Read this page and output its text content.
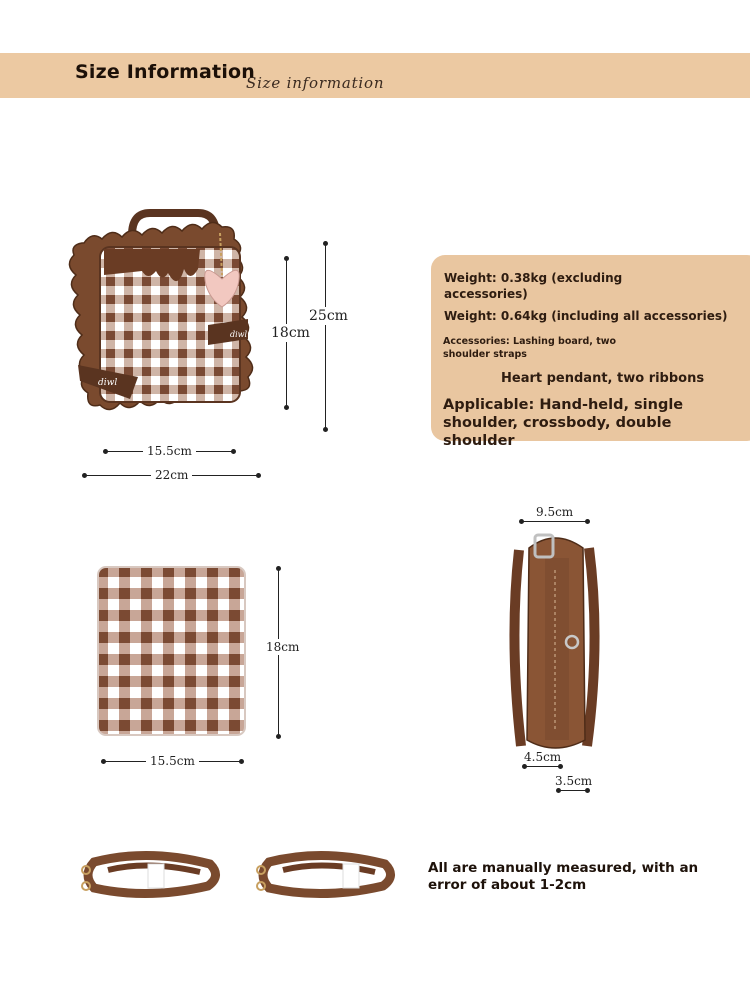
Size Information
Size information
diwl
diwl
25cm
18cm
15.5cm
22cm
Weight: 0.38kg (excluding accessories)
Weight: 0.64kg (including all accessories)
Accessories: Lashing board, two shoulder straps
Heart pendant, two ribbons
Applicable: Hand-held, single shoulder, crossbody, double shoulder
18cm
15.5cm
9.5cm
4.5cm
3.5cm
All are manually measured, with an error of about 1-2cm
